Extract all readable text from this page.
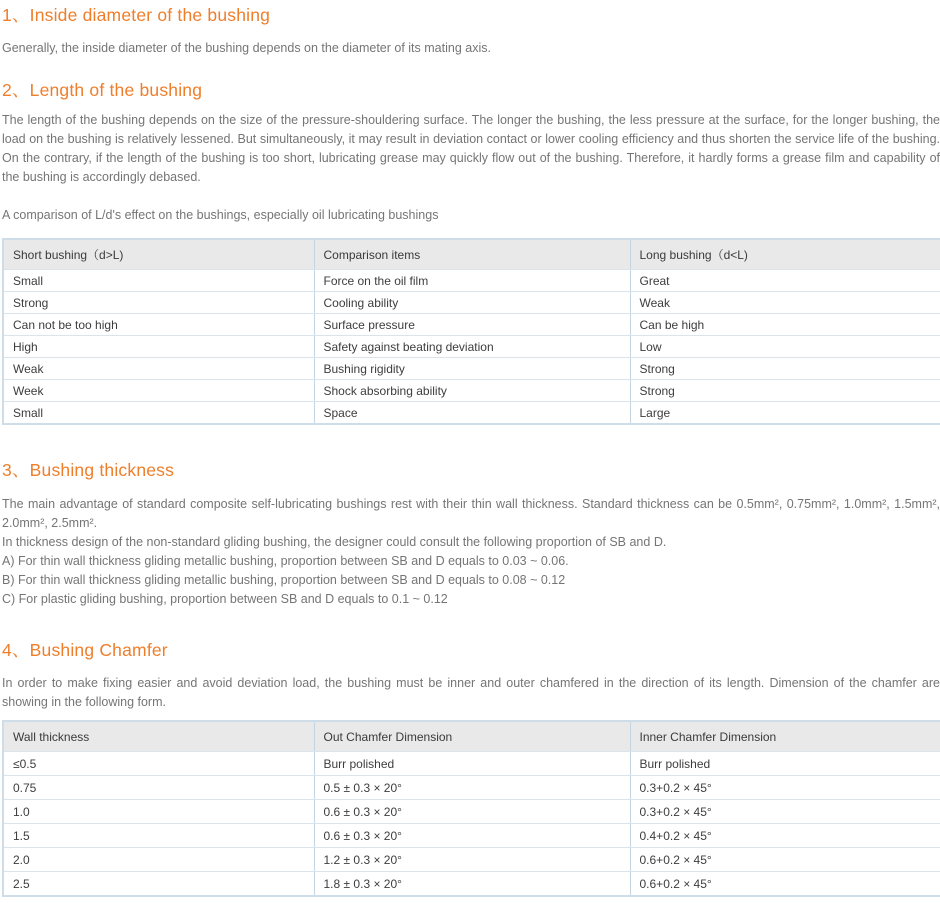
1、Inside diameter of the bushing

Generally, the inside diameter of the bushing depends on the diameter of its mating axis.

2、Length of the bushing

The length of the bushing depends on the size of the pressure-shouldering surface. The longer the bushing, the less pressure at the surface, for the longer bushing, the load on the bushing is relatively lessened. But simultaneously, it may result in deviation contact or lower cooling efficiency and thus shorten the service life of the bushing. On the contrary, if the length of the bushing is too short, lubricating grease may quickly flow out of the bushing. Therefore, it hardly forms a grease film and capability of the bushing is accordingly debased.

A comparison of L/d's effect on the bushings, especially oil lubricating bushings

Short bushing（d>L)	Comparison items	Long bushing（d<L)
Small	Force on the oil film	Great
Strong	Cooling ability	Weak
Can not be too high	Surface pressure	Can be high
High	Safety against beating deviation	Low
Weak	Bushing rigidity	Strong
Week	Shock absorbing ability	Strong
Small	Space	Large
3、Bushing thickness

The main advantage of standard composite self-lubricating bushings rest with their thin wall thickness. Standard thickness can be 0.5mm², 0.75mm², 1.0mm², 1.5mm², 2.0mm², 2.5mm².

In thickness design of the non-standard gliding bushing, the designer could consult the following proportion of SB and D.

A) For thin wall thickness gliding metallic bushing, proportion between SB and D equals to 0.03 ~ 0.06.

B) For thin wall thickness gliding metallic bushing, proportion between SB and D equals to 0.08 ~ 0.12

C) For plastic gliding bushing, proportion between SB and D equals to 0.1 ~ 0.12

4、Bushing Chamfer

In order to make fixing easier and avoid deviation load, the bushing must be inner and outer chamfered in the direction of its length. Dimension of the chamfer are showing in the following form.

Wall thickness	Out Chamfer Dimension	Inner Chamfer Dimension
≤0.5	Burr polished	Burr polished
0.75	0.5 ± 0.3 × 20°	0.3+0.2 × 45°
1.0	0.6 ± 0.3 × 20°	0.3+0.2 × 45°
1.5	0.6 ± 0.3 × 20°	0.4+0.2 × 45°
2.0	1.2 ± 0.3 × 20°	0.6+0.2 × 45°
2.5	1.8 ± 0.3 × 20°	0.6+0.2 × 45°
